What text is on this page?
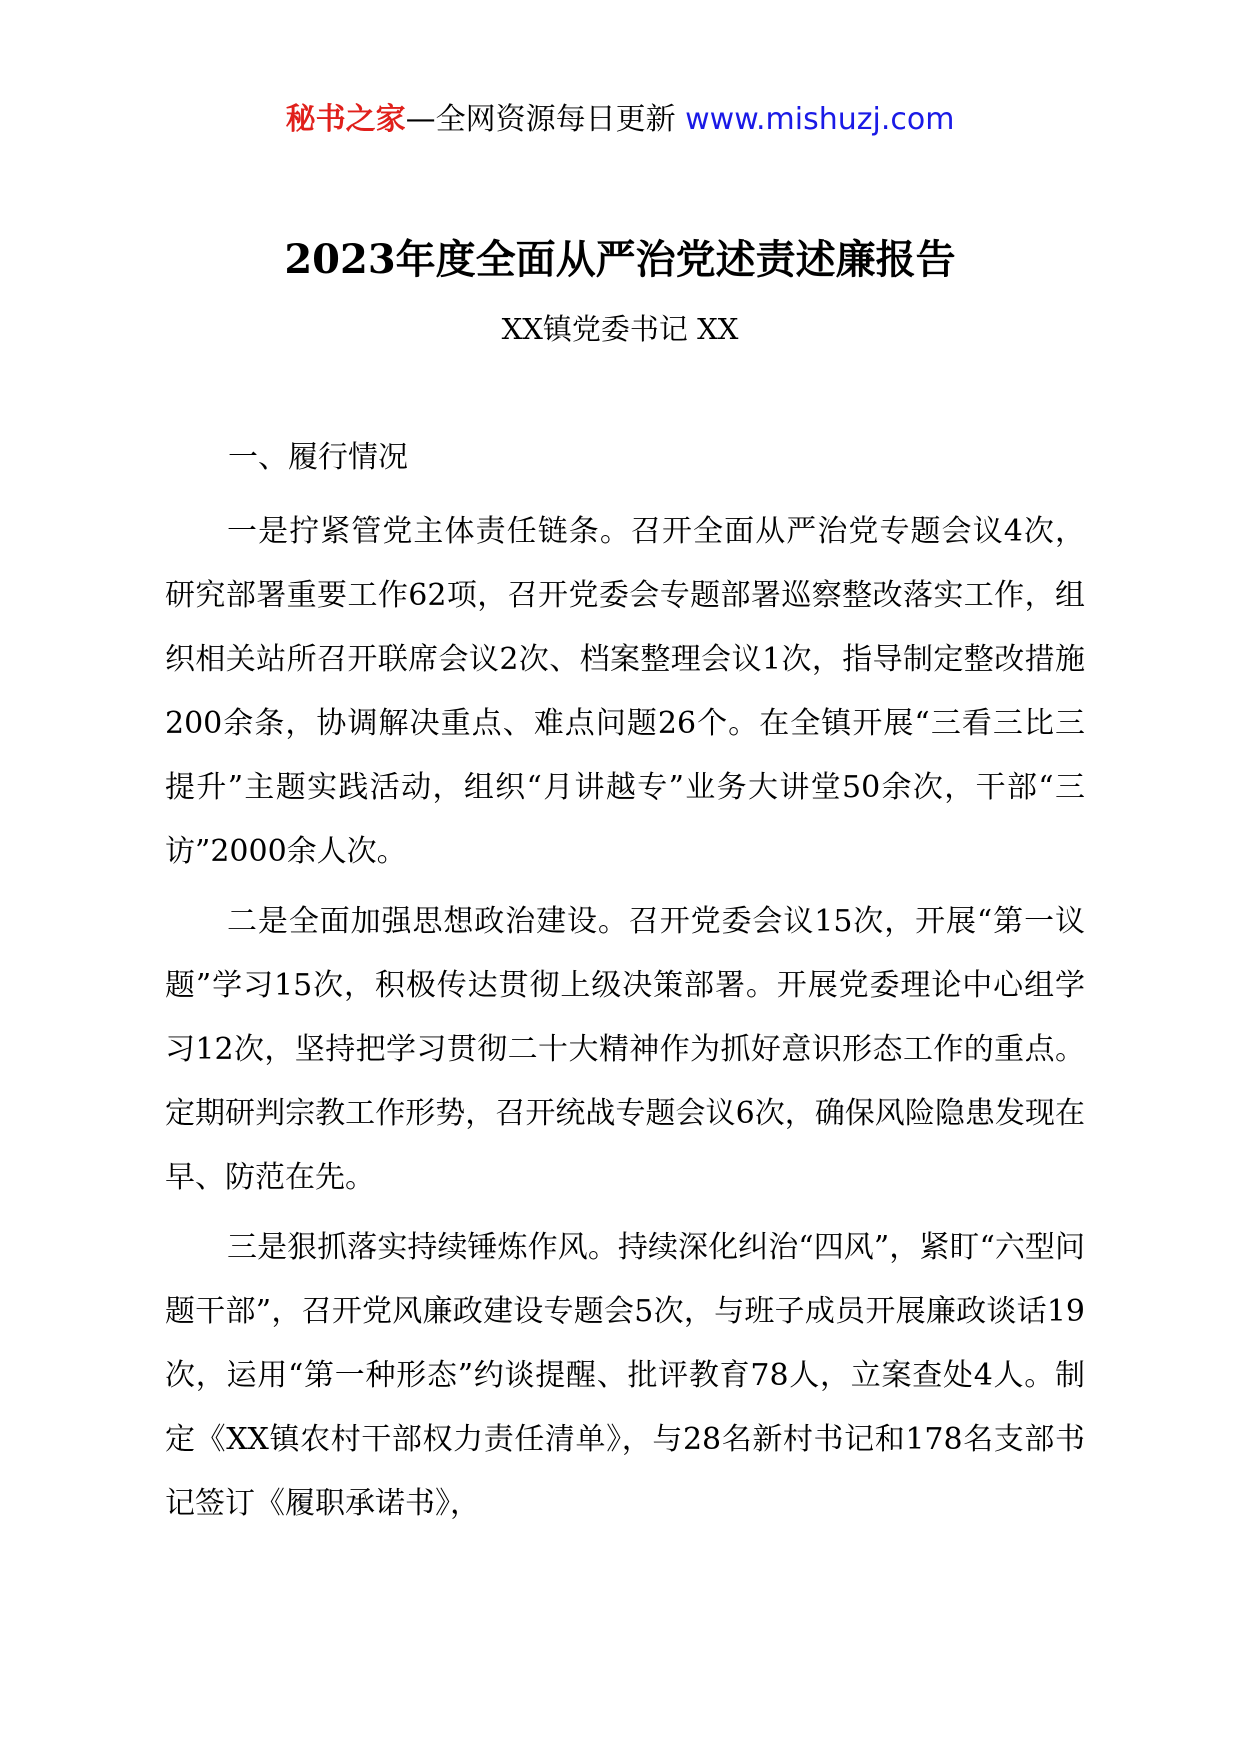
秘书之家—全网资源每日更新 www.mishuzj.com
2023年度全面从严治党述责述廉报告
XX镇党委书记 XX
一、履行情况

一是拧紧管党主体责任链条。召开全面从严治党专题会议4次，研究部署重要工作62项，召开党委会专题部署巡察整改落实工作，组织相关站所召开联席会议2次、档案整理会议1次，指导制定整改措施200余条，协调解决重点、难点问题26个。在全镇开展“三看三比三提升”主题实践活动，组织“月讲越专”业务大讲堂50余次，干部“三访”2000余人次。

二是全面加强思想政治建设。召开党委会议15次，开展“第一议题”学习15次，积极传达贯彻上级决策部署。开展党委理论中心组学习12次，坚持把学习贯彻二十大精神作为抓好意识形态工作的重点。定期研判宗教工作形势，召开统战专题会议6次，确保风险隐患发现在早、防范在先。

三是狠抓落实持续锤炼作风。持续深化纠治“四风”，紧盯“六型问题干部”，召开党风廉政建设专题会5次，与班子成员开展廉政谈话19次，运用“第一种形态”约谈提醒、批评教育78人，立案查处4人。制定《XX镇农村干部权力责任清单》，与28名新村书记和178名支部书记签订《履职承诺书》，
